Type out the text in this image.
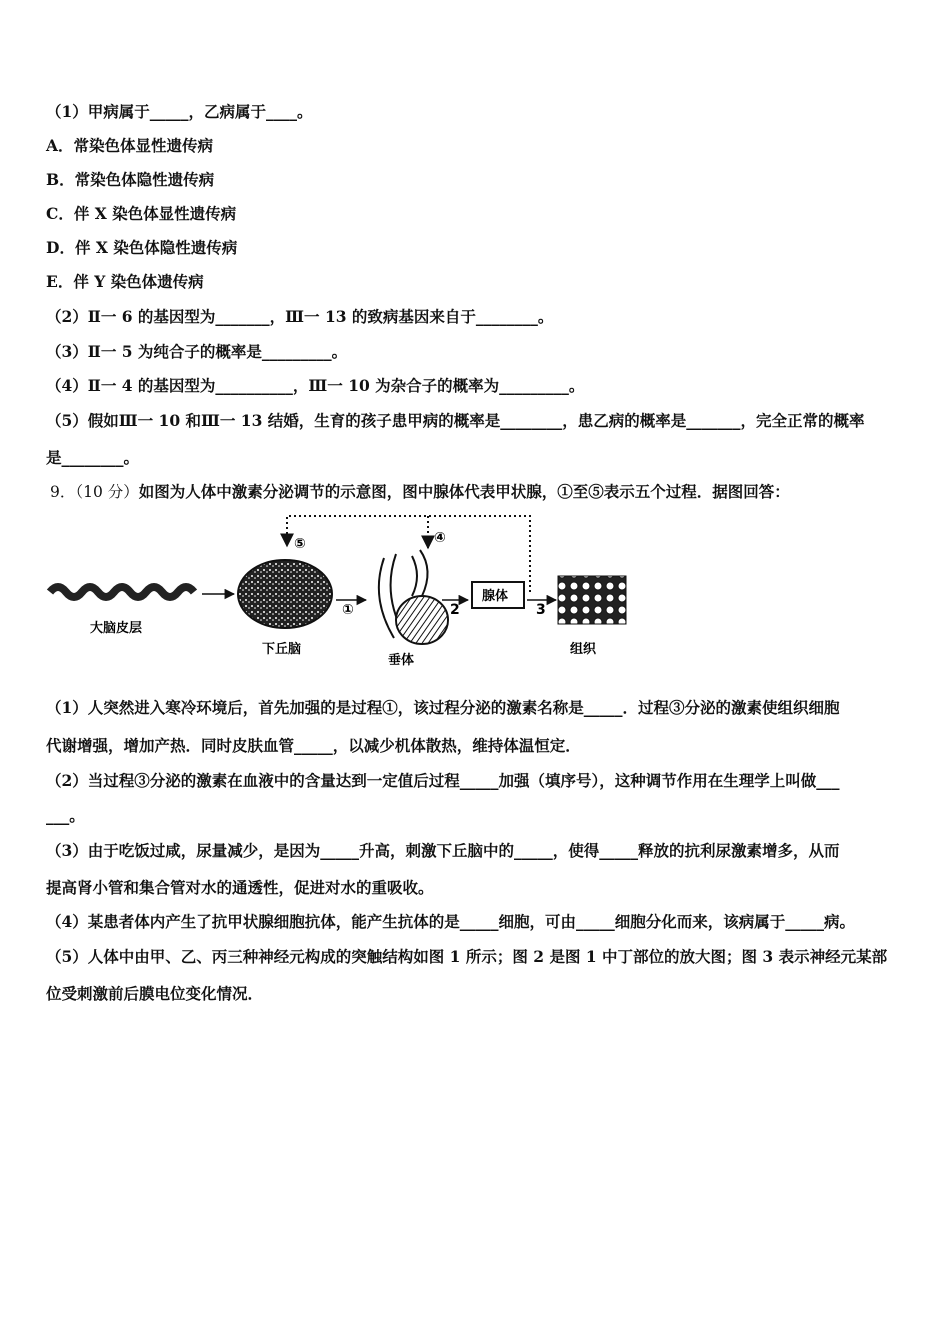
（1）甲病属于_____，乙病属于____。
A．常染色体显性遗传病
B．常染色体隐性遗传病
C．伴 X 染色体显性遗传病
D．伴 X 染色体隐性遗传病
E．伴 Y 染色体遗传病
（2）Ⅱ一 6 的基因型为_______，Ⅲ一 13 的致病基因来自于________。
（3）Ⅱ一 5 为纯合子的概率是_________。
（4）Ⅱ一 4 的基因型为__________，Ⅲ一 10 为杂合子的概率为_________。
（5）假如Ⅲ一 10 和Ⅲ一 13 结婚，生育的孩子患甲病的概率是________，患乙病的概率是_______，完全正常的概率
是________。
9．（10 分）如图为人体中激素分泌调节的示意图，图中腺体代表甲状腺，①至⑤表示五个过程．据图回答：
大脑皮层
下丘脑
①
垂体
④
⑤
2
腺体
3
组织
（1）人突然进入寒冷环境后，首先加强的是过程①，该过程分泌的激素名称是_____．过程③分泌的激素使组织细胞
代谢增强，增加产热．同时皮肤血管_____，以减少机体散热，维持体温恒定．
（2）当过程③分泌的激素在血液中的含量达到一定值后过程_____加强（填序号），这种调节作用在生理学上叫做___
___。
（3）由于吃饭过咸，尿量减少，是因为_____升高，刺激下丘脑中的_____，使得_____释放的抗利尿激素增多，从而
提高肾小管和集合管对水的通透性，促进对水的重吸收。
（4）某患者体内产生了抗甲状腺细胞抗体，能产生抗体的是_____细胞，可由_____细胞分化而来，该病属于_____病。
（5）人体中由甲、乙、丙三种神经元构成的突触结构如图 1 所示；图 2 是图 1 中丁部位的放大图；图 3 表示神经元某部
位受刺激前后膜电位变化情况．
